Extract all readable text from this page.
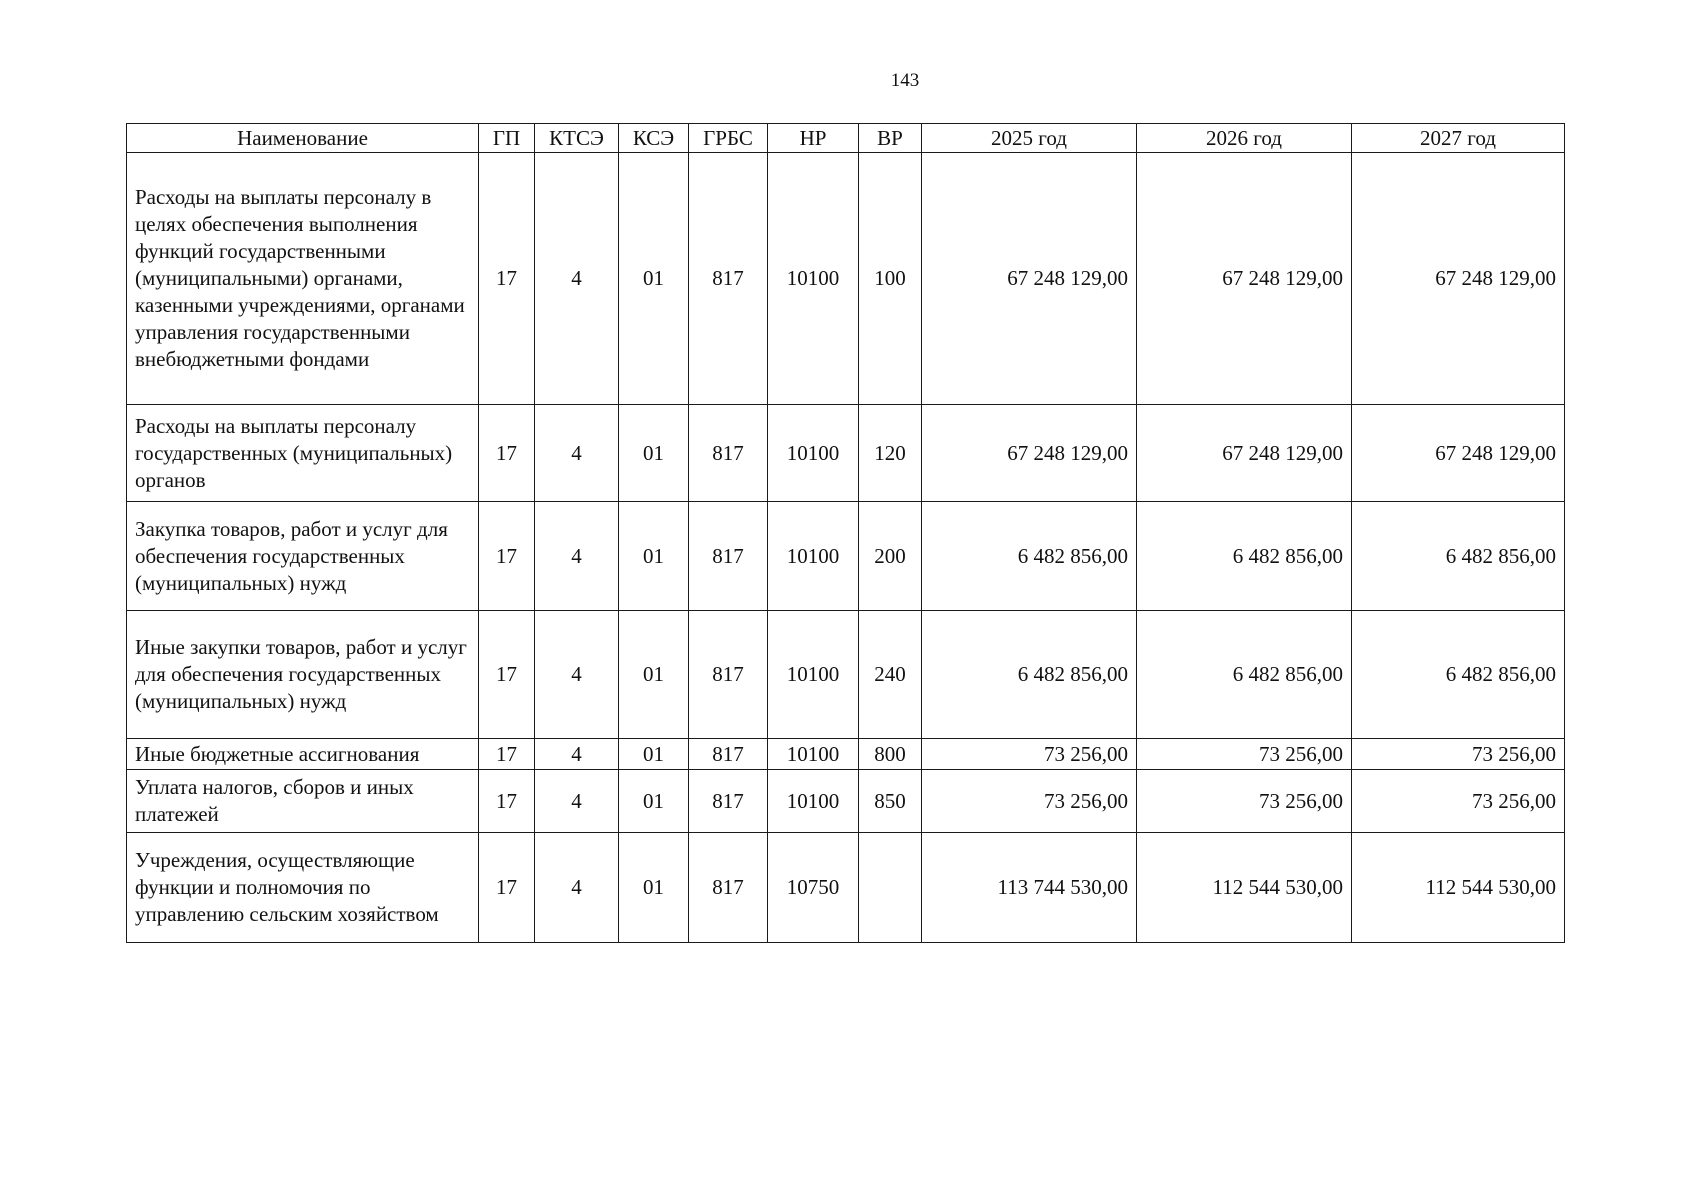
143
Наименование	ГП	КТСЭ	КСЭ	ГРБС	НР	ВР	2025 год	2026 год	2027 год
Расходы на выплаты персоналу в целях обеспечения выполнения функций государственными (муниципальными) органами, казенными учреждениями, органами управления государственными внебюджетными фондами	17	4	01	817	10100	100	67 248 129,00	67 248 129,00	67 248 129,00
Расходы на выплаты персоналу государственных (муниципальных) органов	17	4	01	817	10100	120	67 248 129,00	67 248 129,00	67 248 129,00
Закупка товаров, работ и услуг для обеспечения государственных (муниципальных) нужд	17	4	01	817	10100	200	6 482 856,00	6 482 856,00	6 482 856,00
Иные закупки товаров, работ и услуг для обеспечения государственных (муниципальных) нужд	17	4	01	817	10100	240	6 482 856,00	6 482 856,00	6 482 856,00
Иные бюджетные ассигнования	17	4	01	817	10100	800	73 256,00	73 256,00	73 256,00
Уплата налогов, сборов и иных платежей	17	4	01	817	10100	850	73 256,00	73 256,00	73 256,00
Учреждения, осуществляющие функции и полномочия по управлению сельским хозяйством	17	4	01	817	10750		113 744 530,00	112 544 530,00	112 544 530,00
